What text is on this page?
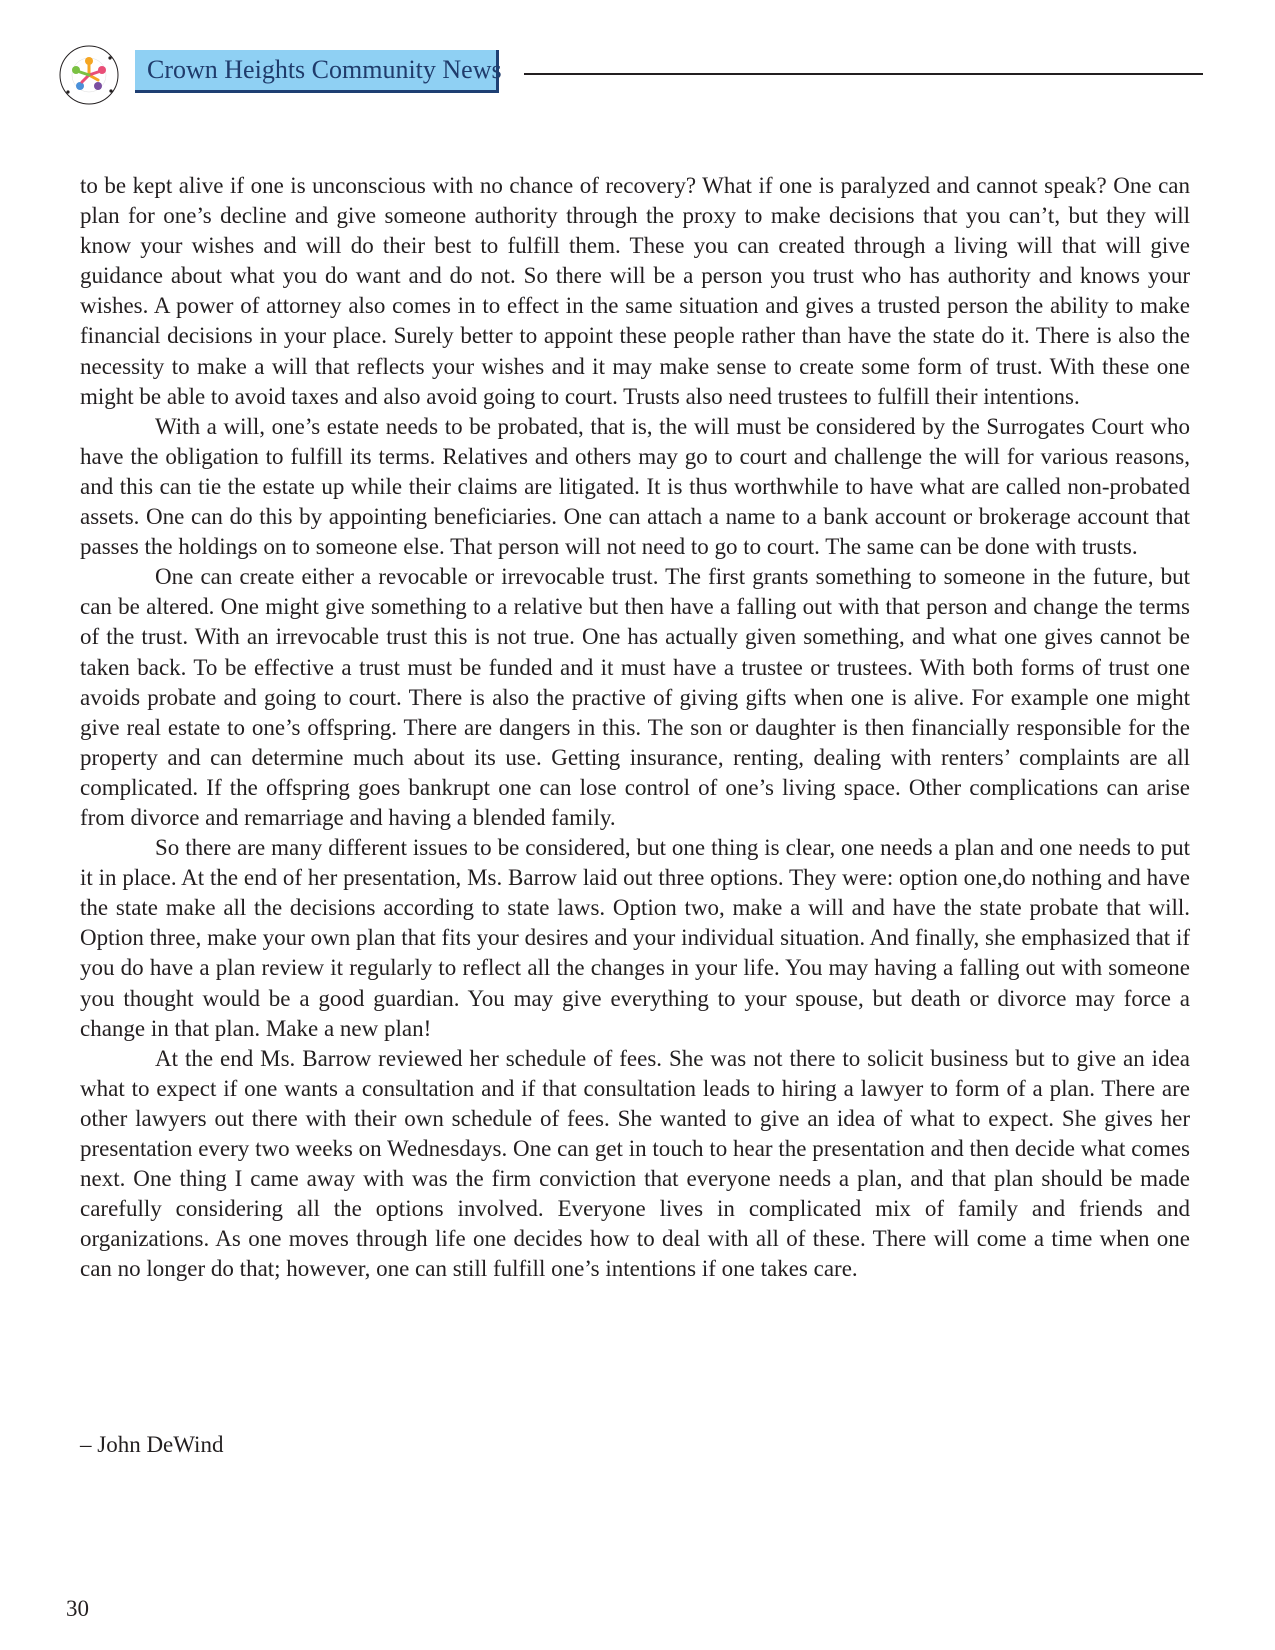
Crown Heights Community News

to be kept alive if one is unconscious with no chance of recovery? What if one is paralyzed and cannot speak? One can plan for one’s decline and give someone authority through the proxy to make decisions that you can’t, but they will know your wishes and will do their best to fulfill them. These you can created through a living will that will give guidance about what you do want and do not. So there will be a person you trust who has authority and knows your wishes. A power of attorney also comes in to effect in the same situation and gives a trusted person the ability to make financial decisions in your place. Surely better to appoint these people rather than have the state do it. There is also the necessity to make a will that reflects your wishes and it may make sense to create some form of trust. With these one might be able to avoid taxes and also avoid going to court. Trusts also need trustees to fulfill their intentions.

With a will, one’s estate needs to be probated, that is, the will must be considered by the Surrogates Court who have the obligation to fulfill its terms. Relatives and others may go to court and challenge the will for various reasons, and this can tie the estate up while their claims are litigated. It is thus worthwhile to have what are called non-probated assets. One can do this by appointing beneficiaries. One can attach a name to a bank account or brokerage account that passes the holdings on to someone else. That person will not need to go to court. The same can be done with trusts.

One can create either a revocable or irrevocable trust. The first grants something to someone in the future, but can be altered. One might give something to a relative but then have a falling out with that person and change the terms of the trust. With an irrevocable trust this is not true. One has actually given something, and what one gives cannot be taken back. To be effective a trust must be funded and it must have a trustee or trustees. With both forms of trust one avoids probate and going to court. There is also the practive of giving gifts when one is alive. For example one might give real estate to one’s offspring. There are dangers in this. The son or daughter is then financially responsible for the property and can determine much about its use. Getting insurance, renting, dealing with renters’ complaints are all complicated. If the offspring goes bankrupt one can lose control of one’s living space. Other complications can arise from divorce and remarriage and having a blended family.

So there are many different issues to be considered, but one thing is clear, one needs a plan and one needs to put it in place. At the end of her presentation, Ms. Barrow laid out three options. They were: option one,do nothing and have the state make all the decisions according to state laws. Option two, make a will and have the state probate that will. Option three, make your own plan that fits your desires and your individual situation. And finally, she emphasized that if you do have a plan review it regularly to reflect all the changes in your life. You may having a falling out with someone you thought would be a good guardian. You may give everything to your spouse, but death or divorce may force a change in that plan. Make a new plan!

At the end Ms. Barrow reviewed her schedule of fees. She was not there to solicit business but to give an idea what to expect if one wants a consultation and if that consultation leads to hiring a lawyer to form of a plan. There are other lawyers out there with their own schedule of fees. She wanted to give an idea of what to expect. She gives her presentation every two weeks on Wednesdays. One can get in touch to hear the presentation and then decide what comes next. One thing I came away with was the firm conviction that everyone needs a plan, and that plan should be made carefully considering all the options involved. Everyone lives in complicated mix of family and friends and organizations. As one moves through life one decides how to deal with all of these. There will come a time when one can no longer do that; however, one can still fulfill one’s intentions if one takes care.

– John DeWind
30
